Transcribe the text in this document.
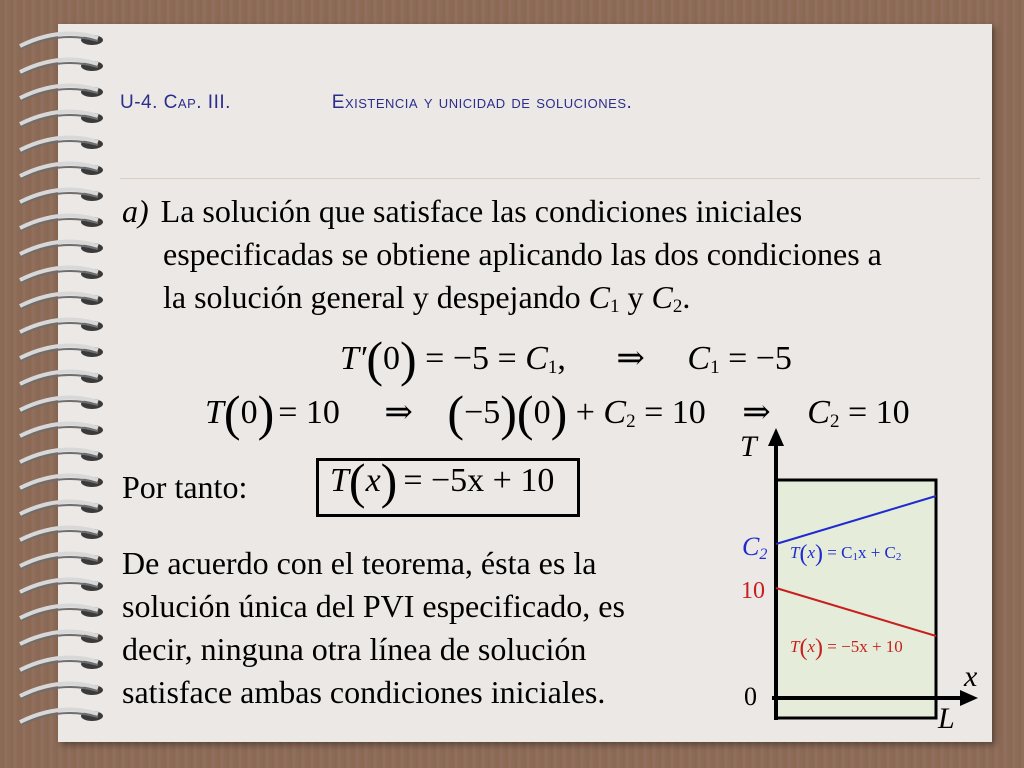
U-4. Cap. III.	Existencia y unicidad de soluciones.
a) La solución que satisface las condiciones iniciales
especificadas se obtiene aplicando las dos condiciones a
la solución general y despejando $C_1$ y $C_2$.
$T'(0) = -5 = C_1$, ⇒ $C_1 = -5$
T(0) = 10 ⇒ $(-5)(0) + C_2 = 10$ ⇒ $C_2 = 10$
Por tanto: T(x) = −5x + 10
De acuerdo con el teorema, ésta es la
solución única del PVI especificado, es
decir, ninguna otra línea de solución
satisface ambas condiciones iniciales.
T
x
0
L
$C_2$
10
$T(x) = C_1x + C_2$
T(x) = −5x + 10
